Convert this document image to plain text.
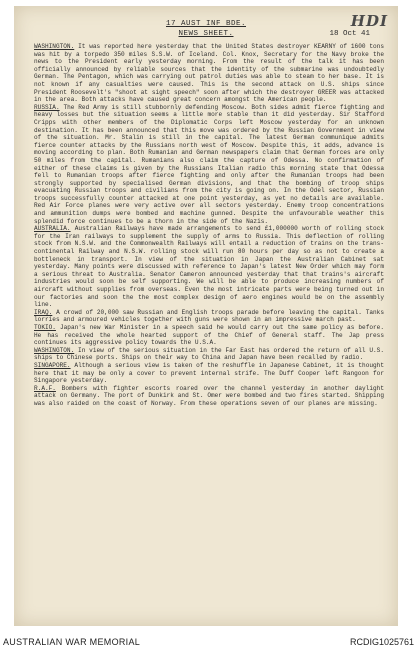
HDI
17 AUST INF BDE.
NEWS SHEET.	18 Oct 41

WASHINGTON. It was reported here yesterday that the United States destroyer KEARNY of 1600 tons was hit by a torpedo 350 miles S.S.W. of Iceland. Col. Knox, Secretary for the Navy broke the news to the President early yesterday morning. From the result of the talk it has been officially announced by reliable sources that the identity of the submarine was undoubtedly German. The Pentagon, which was carrying out patrol duties was able to steam to her base. It is not known if any casualties were caused. This is the second attack on U.S. ships since President Roosevelt's "shoot at sight speech" soon after which the destroyer GREER was attacked in the area. Both attacks have caused great concern amongst the American people.

RUSSIA. The Red Army is still stubbornly defending Moscow. Both sides admit fierce fighting and heavy losses but the situation seems a little more stable than it did yesterday. Sir Stafford Cripps with other members of the Diplomatic Corps left Moscow yesterday for an unknown destination. It has been announced that this move was ordered by the Russian Government in view of the situation. Mr. Stalin is still in the capital. The latest German communique admits fierce counter attacks by the Russians north west of Moscow. Despite this, it adds, advance is moving according to plan. Both Rumanian and German newspapers claim that German forces are only 50 miles from the capital. Rumanians also claim the capture of Odessa. No confirmation of either of these claims is given by the Russians Italian radio this morning state that Odessa fell to Rumanian troops after fierce fighting and only after the Rumanian troops had been strongly supported by specialised German divisions, and that the bombing of troop ships evacuating Russian troops and civilians from the city is going on. In the Odel sector, Russian troops successfully counter attacked at one point yesterday, as yet no details are available. Red Air Force planes were very active over all sectors yesterday. Enemy troop concentrations and ammunition dumps were bombed and machine gunned. Despite the unfavourable weather this splendid force continues to be a thorn in the side of the Nazis.

AUSTRALIA. Australian Railways have made arrangements to send £1,000000 worth of rolling stock for the Iran railways to supplement the supply of arms to Russia. This deflection of rolling stock from N.S.W. and the Commonwealth Railways will entail a reduction of trains on the trans-continental Railway and N.S.W. rolling stock will run 80 hours per day so as not to create a bottleneck in transport. In view of the situation in Japan the Australian Cabinet sat yesterday. Many points were discussed with reference to Japan's latest New Order which may form a serious threat to Australia. Senator Cameron announced yesterday that that trains's aircraft industries would soon be self supporting. We will be able to produce increasing numbers of aircraft without supplies from overseas. Even the most intricate parts were being turned out in our factories and soon the the most complex design of aero engines would be on the assembly line.

IRAQ. A crowd of 20,000 saw Russian and English troops parade before leaving the capital. Tanks lorries and armoured vehicles together with guns were shown in an impressive march past.

TOKIO. Japan's new War Minister in a speech said he would carry out the same policy as before. He has received the whole hearted support of the Chief of General staff. The Jap press continues its aggressive policy towards the U.S.A.

WASHINGTON. In view of the serious situation in the Far East has ordered the return of all U.S. ships to Chinese ports. Ships on their way to China and Japan have been recalled by radio.

SINGAPORE. Although a serious view is taken of the reshuffle in Japanese Cabinet, it is thought here that it may be only a cover to prevent internal strife. The Duff Cooper left Rangoon for Singapore yesterday.

R.A.F. Bombers with fighter escorts roared over the channel yesterday in another daylight attack on Germany. The port of Dunkirk and St. Omer were bombed and two fires started. Shipping was also raided on the coast of Norway. From these operations seven of our planes are missing.

AUSTRALIAN WAR MEMORIAL	RCDIG1025761
